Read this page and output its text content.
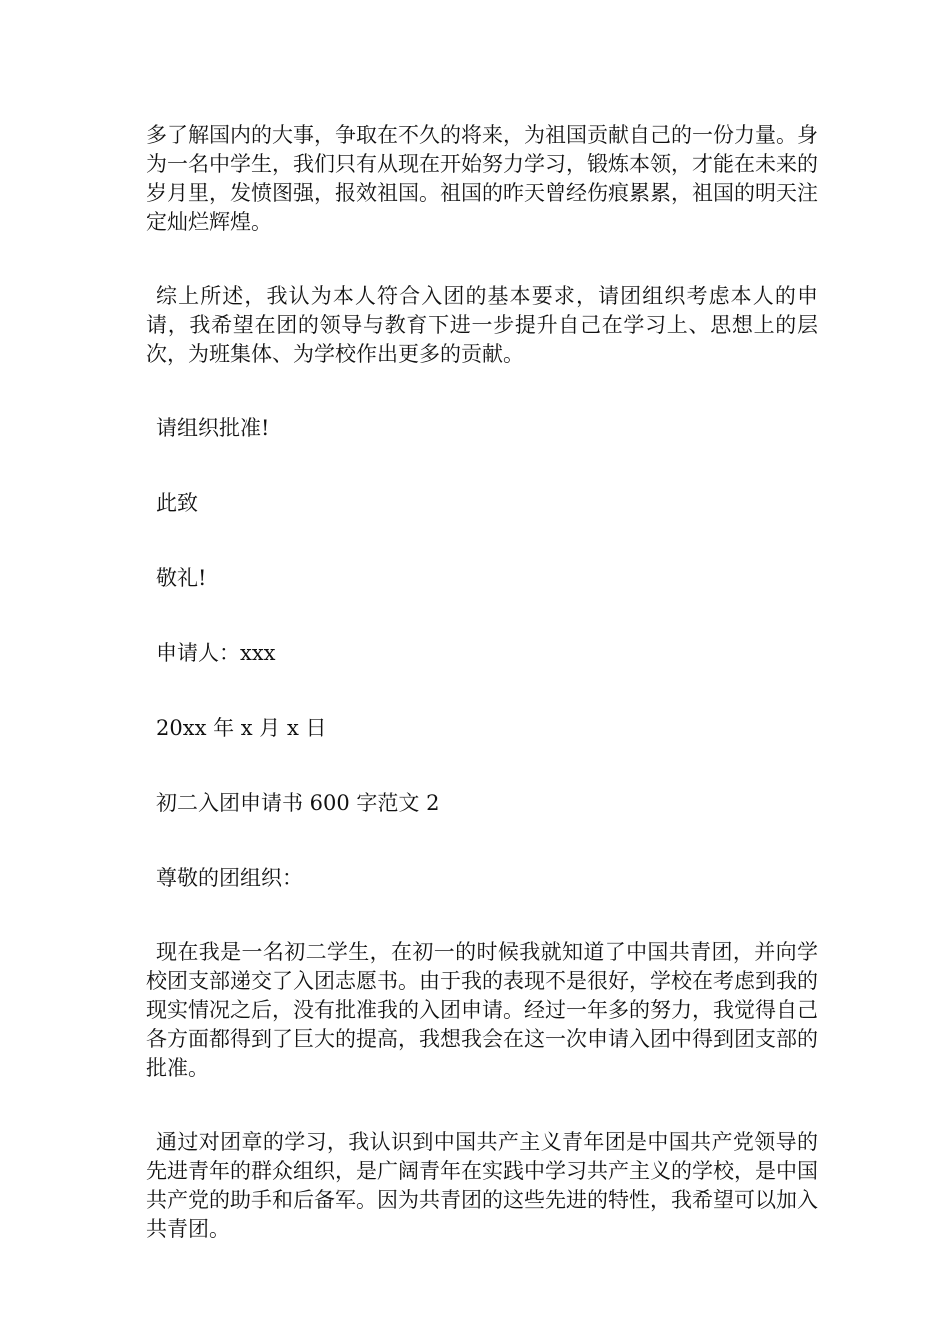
多了解国内的大事，争取在不久的将来，为祖国贡献自己的一份力量。身为一名中学生，我们只有从现在开始努力学习，锻炼本领，才能在未来的岁月里，发愤图强，报效祖国。祖国的昨天曾经伤痕累累，祖国的明天注定灿烂辉煌。

综上所述，我认为本人符合入团的基本要求，请团组织考虑本人的申请，我希望在团的领导与教育下进一步提升自己在学习上、思想上的层次，为班集体、为学校作出更多的贡献。

请组织批准!

此致

敬礼!

申请人：xxx

20xx 年 x 月 x 日

初二入团申请书 600 字范文 2

尊敬的团组织：

现在我是一名初二学生，在初一的时候我就知道了中国共青团，并向学校团支部递交了入团志愿书。由于我的表现不是很好，学校在考虑到我的现实情况之后，没有批准我的入团申请。经过一年多的努力，我觉得自己各方面都得到了巨大的提高，我想我会在这一次申请入团中得到团支部的批准。

通过对团章的学习，我认识到中国共产主义青年团是中国共产党领导的先进青年的群众组织，是广阔青年在实践中学习共产主义的学校，是中国共产党的助手和后备军。因为共青团的这些先进的特性，我希望可以加入共青团。
